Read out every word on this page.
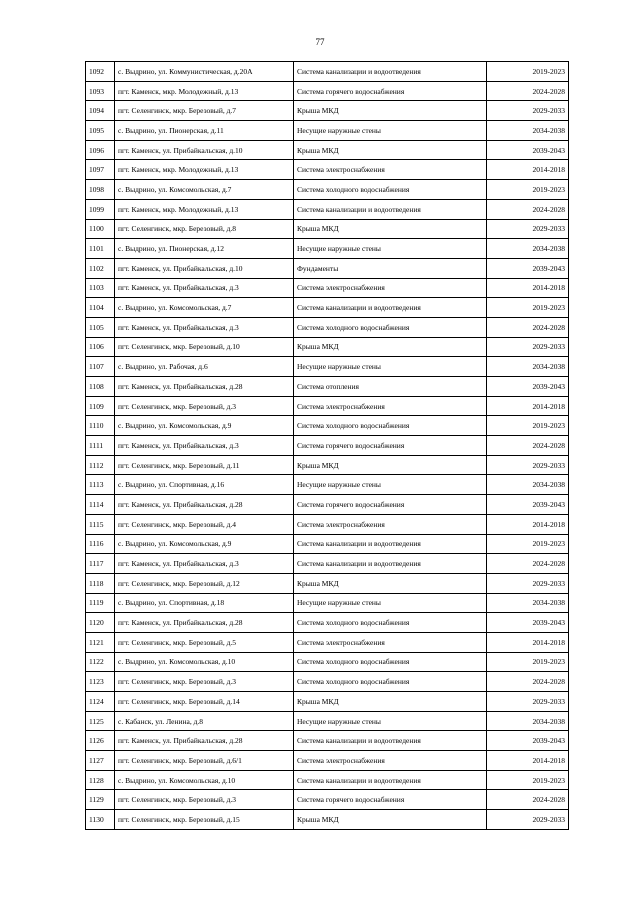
77
1092	с. Выдрино, ул. Коммунистическая, д.20А	Система канализации и водоотведения	2019-2023
1093	пгт. Каменск, мкр. Молодежный, д.13	Система горячего водоснабжения	2024-2028
1094	пгт. Селенгинск, мкр. Березовый, д.7	Крыша МКД	2029-2033
1095	с. Выдрино, ул. Пионерская, д.11	Несущие наружные стены	2034-2038
1096	пгт. Каменск, ул. Прибайкальская, д.10	Крыша МКД	2039-2043
1097	пгт. Каменск, мкр. Молодежный, д.13	Система электроснабжения	2014-2018
1098	с. Выдрино, ул. Комсомольская, д.7	Система холодного водоснабжения	2019-2023
1099	пгт. Каменск, мкр. Молодежный, д.13	Система канализации и водоотведения	2024-2028
1100	пгт. Селенгинск, мкр. Березовый, д.8	Крыша МКД	2029-2033
1101	с. Выдрино, ул. Пионерская, д.12	Несущие наружные стены	2034-2038
1102	пгт. Каменск, ул. Прибайкальская, д.10	Фундаменты	2039-2043
1103	пгт. Каменск, ул. Прибайкальская, д.3	Система электроснабжения	2014-2018
1104	с. Выдрино, ул. Комсомольская, д.7	Система канализации и водоотведения	2019-2023
1105	пгт. Каменск, ул. Прибайкальская, д.3	Система холодного водоснабжения	2024-2028
1106	пгт. Селенгинск, мкр. Березовый, д.10	Крыша МКД	2029-2033
1107	с. Выдрино, ул. Рабочая, д.6	Несущие наружные стены	2034-2038
1108	пгт. Каменск, ул. Прибайкальская, д.28	Система отопления	2039-2043
1109	пгт. Селенгинск, мкр. Березовый, д.3	Система электроснабжения	2014-2018
1110	с. Выдрино, ул. Комсомольская, д.9	Система холодного водоснабжения	2019-2023
1111	пгт. Каменск, ул. Прибайкальская, д.3	Система горячего водоснабжения	2024-2028
1112	пгт. Селенгинск, мкр. Березовый, д.11	Крыша МКД	2029-2033
1113	с. Выдрино, ул. Спортивная, д.16	Несущие наружные стены	2034-2038
1114	пгт. Каменск, ул. Прибайкальская, д.28	Система горячего водоснабжения	2039-2043
1115	пгт. Селенгинск, мкр. Березовый, д.4	Система электроснабжения	2014-2018
1116	с. Выдрино, ул. Комсомольская, д.9	Система канализации и водоотведения	2019-2023
1117	пгт. Каменск, ул. Прибайкальская, д.3	Система канализации и водоотведения	2024-2028
1118	пгт. Селенгинск, мкр. Березовый, д.12	Крыша МКД	2029-2033
1119	с. Выдрино, ул. Спортивная, д.18	Несущие наружные стены	2034-2038
1120	пгт. Каменск, ул. Прибайкальская, д.28	Система холодного водоснабжения	2039-2043
1121	пгт. Селенгинск, мкр. Березовый, д.5	Система электроснабжения	2014-2018
1122	с. Выдрино, ул. Комсомольская, д.10	Система холодного водоснабжения	2019-2023
1123	пгт. Селенгинск, мкр. Березовый, д.3	Система холодного водоснабжения	2024-2028
1124	пгт. Селенгинск, мкр. Березовый, д.14	Крыша МКД	2029-2033
1125	с. Кабанск, ул. Ленина, д.8	Несущие наружные стены	2034-2038
1126	пгт. Каменск, ул. Прибайкальская, д.28	Система канализации и водоотведения	2039-2043
1127	пгт. Селенгинск, мкр. Березовый, д.6/1	Система электроснабжения	2014-2018
1128	с. Выдрино, ул. Комсомольская, д.10	Система канализации и водоотведения	2019-2023
1129	пгт. Селенгинск, мкр. Березовый, д.3	Система горячего водоснабжения	2024-2028
1130	пгт. Селенгинск, мкр. Березовый, д.15	Крыша МКД	2029-2033
